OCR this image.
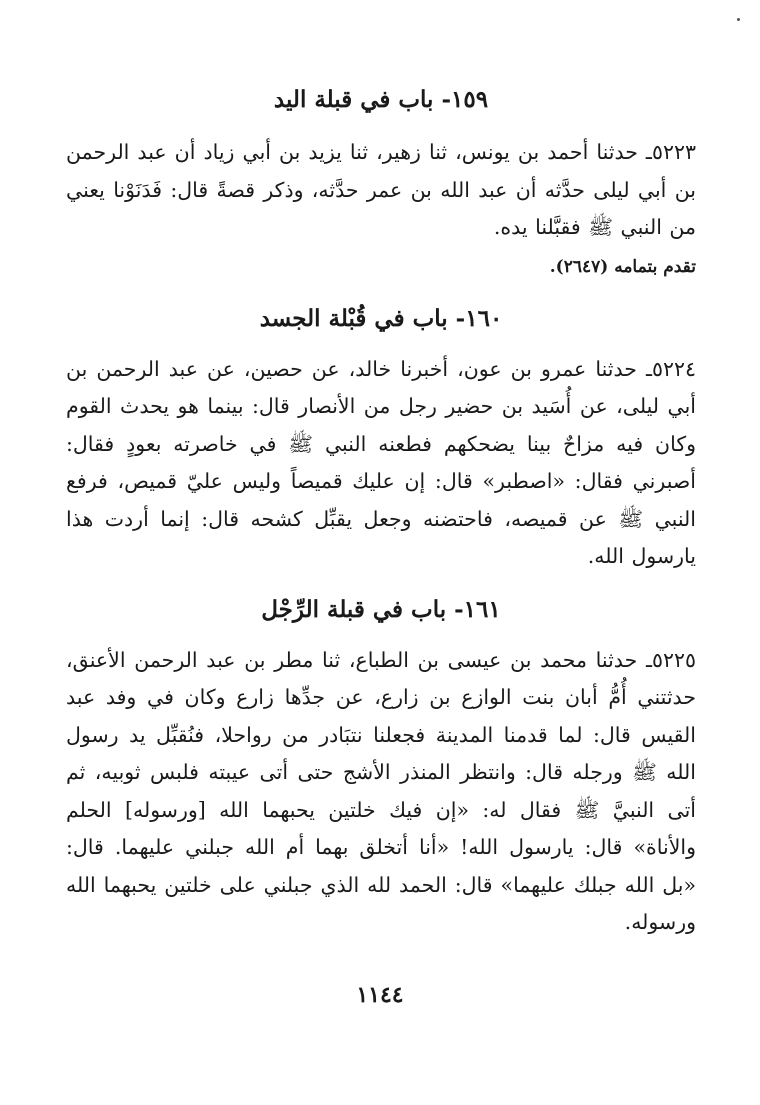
١٥٩- باب في قبلة اليد

٥٢٢٣ـ حدثنا أحمد بن يونس، ثنا زهير، ثنا يزيد بن أبي زياد أن عبد الرحمن بن أبي ليلى حدَّثه أن عبد الله بن عمر حدَّثه، وذكر قصةً قال: فَدَنَوْنا يعني من النبي ﷺ فقبَّلنا يده.

تقدم بتمامه (٢٦٤٧).

١٦٠- باب في قُبْلة الجسد

٥٢٢٤ـ حدثنا عمرو بن عون، أخبرنا خالد، عن حصين، عن عبد الرحمن بن أبي ليلى، عن أُسَيد بن حضير رجل من الأنصار قال: بينما هو يحدث القوم وكان فيه مزاحٌ بينا يضحكهم فطعنه النبي ﷺ في خاصرته بعودٍ فقال: أصبرني فقال: «اصطبر» قال: إن عليك قميصاً وليس عليّ قميص، فرفع النبي ﷺ عن قميصه، فاحتضنه وجعل يقبِّل كشحه قال: إنما أردت هذا يارسول الله.

١٦١- باب في قبلة الرِّجْل

٥٢٢٥ـ حدثنا محمد بن عيسى بن الطباع، ثنا مطر بن عبد الرحمن الأعنق، حدثتني أُمُّ أبان بنت الوازع بن زارع، عن جدِّها زارع وكان في وفد عبد القيس قال: لما قدمنا المدينة فجعلنا نتبَادر من رواحلا، فنُقبِّل يد رسول الله ﷺ ورجله قال: وانتظر المنذر الأشج حتى أتى عيبته فلبس ثوبيه، ثم أتى النبيَّ ﷺ فقال له: «إن فيك خلتين يحبهما الله [ورسوله] الحلم والأناة» قال: يارسول الله! «أنا أتخلق بهما أم الله جبلني عليهما. قال: «بل الله جبلك عليهما» قال: الحمد لله الذي جبلني على خلتين يحبهما الله ورسوله.

١١٤٤
